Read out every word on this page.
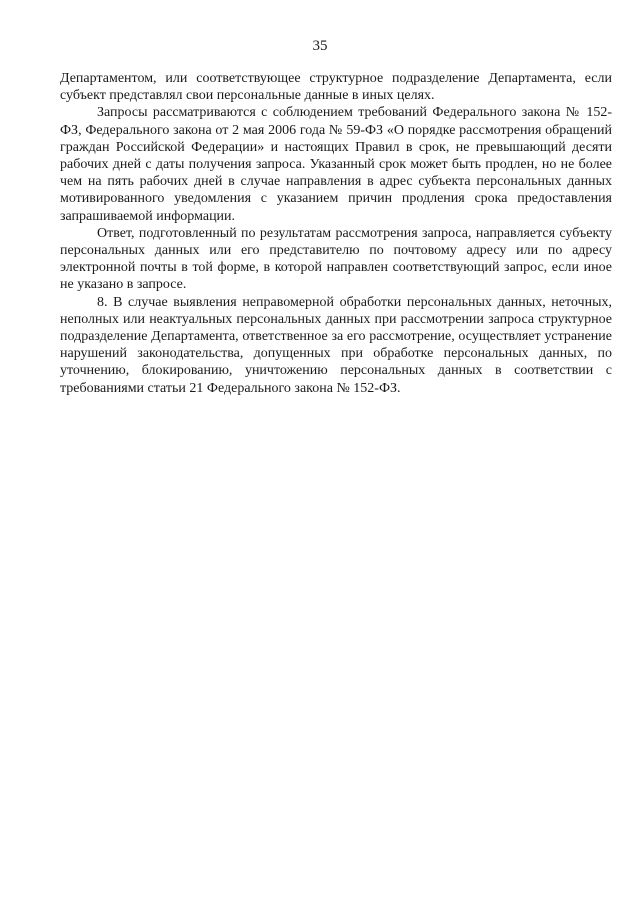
35

Департаментом, или соответствующее структурное подразделение Департамента, если субъект представлял свои персональные данные в иных целях.

Запросы рассматриваются с соблюдением требований Федерального закона № 152-ФЗ, Федерального закона от 2 мая 2006 года № 59-ФЗ «О порядке рассмотрения обращений граждан Российской Федерации» и настоящих Правил в срок, не превышающий десяти рабочих дней с даты получения запроса. Указанный срок может быть продлен, но не более чем на пять рабочих дней в случае направления в адрес субъекта персональных данных мотивированного уведомления с указанием причин продления срока предоставления запрашиваемой информации.

Ответ, подготовленный по результатам рассмотрения запроса, направляется субъекту персональных данных или его представителю по почтовому адресу или по адресу электронной почты в той форме, в которой направлен соответствующий запрос, если иное не указано в запросе.

8. В случае выявления неправомерной обработки персональных данных, неточных, неполных или неактуальных персональных данных при рассмотрении запроса структурное подразделение Департамента, ответственное за его рассмотрение, осуществляет устранение нарушений законодательства, допущенных при обработке персональных данных, по уточнению, блокированию, уничтожению персональных данных в соответствии с требованиями статьи 21 Федерального закона № 152-ФЗ.
